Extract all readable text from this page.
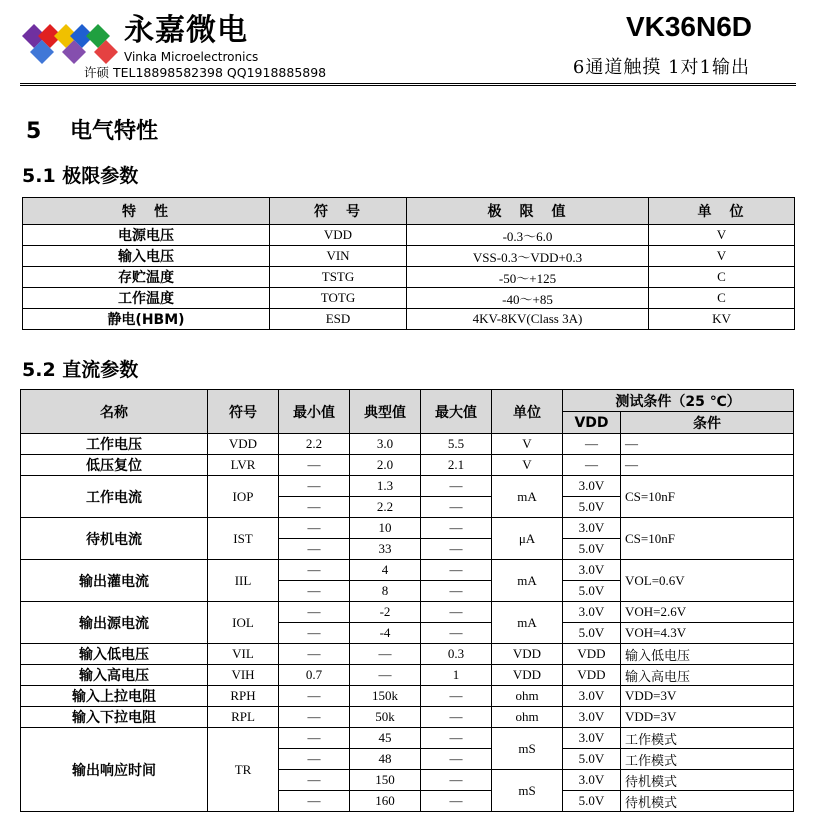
永嘉微电
Vinka Microelectronics
许硕 TEL18898582398 QQ1918885898
VK36N6D
6通道触摸 1对1输出
5 电气特性
5.1 极限参数
特　性	符　号	极　限　值	单　位
电源电压	VDD	-0.3～6.0	V
输入电压	VIN	VSS-0.3～VDD+0.3	V
存贮温度	TSTG	-50～+125	C
工作温度	TOTG	-40～+85	C
静电(HBM)	ESD	4KV-8KV(Class 3A)	KV
5.2 直流参数
名称	符号	最小值	典型值	最大值	单位	测试条件（25 ℃）	
						VDD	条件
工作电压	VDD	2.2	3.0	5.5	V	—	—
低压复位	LVR	—	2.0	2.1	V	—	—
工作电流	IOP	—	1.3	—	mA	3.0V	CS=10nF
		—	2.2	—		5.0V	
待机电流	IST	—	10	—	μA	3.0V	CS=10nF
		—	33	—		5.0V	
输出灌电流	IIL	—	4	—	mA	3.0V	VOL=0.6V
		—	8	—		5.0V	
输出源电流	IOL	—	-2	—	mA	3.0V	VOH=2.6V
		—	-4	—		5.0V	VOH=4.3V
输入低电压	VIL	—	—	0.3	VDD	VDD	输入低电压
输入高电压	VIH	0.7	—	1	VDD	VDD	输入高电压
输入上拉电阻	RPH	—	150k	—	ohm	3.0V	VDD=3V
输入下拉电阻	RPL	—	50k	—	ohm	3.0V	VDD=3V
输出响应时间	TR	—	45	—	mS	3.0V	工作模式
		—	48	—		5.0V	工作模式
		—	150	—	mS	3.0V	待机模式
		—	160	—		5.0V	待机模式
